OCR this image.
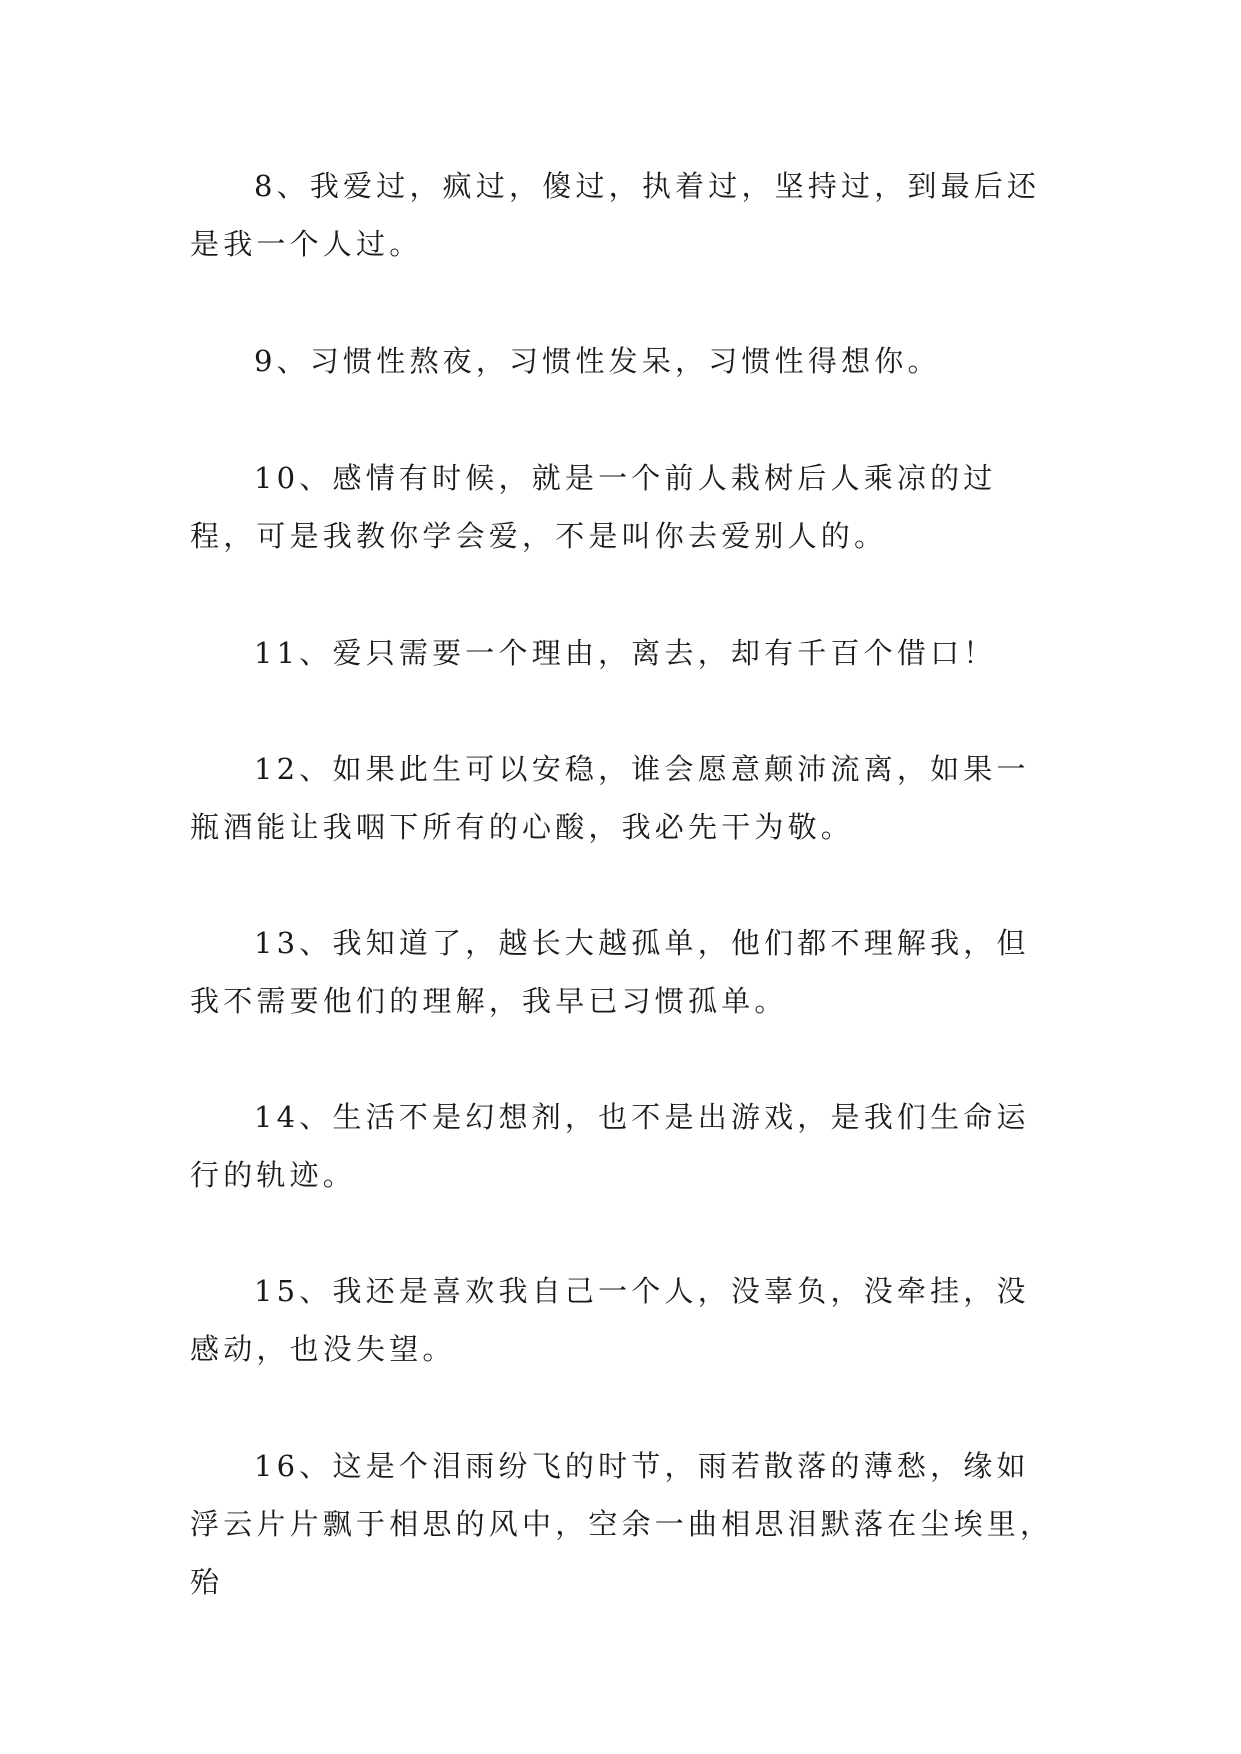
8、我爱过，疯过，傻过，执着过，坚持过，到最后还是我一个人过。

9、习惯性熬夜，习惯性发呆，习惯性得想你。

10、感情有时候，就是一个前人栽树后人乘凉的过程，可是我教你学会爱，不是叫你去爱别人的。

11、爱只需要一个理由，离去，却有千百个借口！

12、如果此生可以安稳，谁会愿意颠沛流离，如果一瓶酒能让我咽下所有的心酸，我必先干为敬。

13、我知道了，越长大越孤单，他们都不理解我，但我不需要他们的理解，我早已习惯孤单。

14、生活不是幻想剂，也不是出游戏，是我们生命运行的轨迹。

15、我还是喜欢我自己一个人，没辜负，没牵挂，没感动，也没失望。

16、这是个泪雨纷飞的时节，雨若散落的薄愁，缘如浮云片片飘于相思的风中，空余一曲相思泪默落在尘埃里，殆
